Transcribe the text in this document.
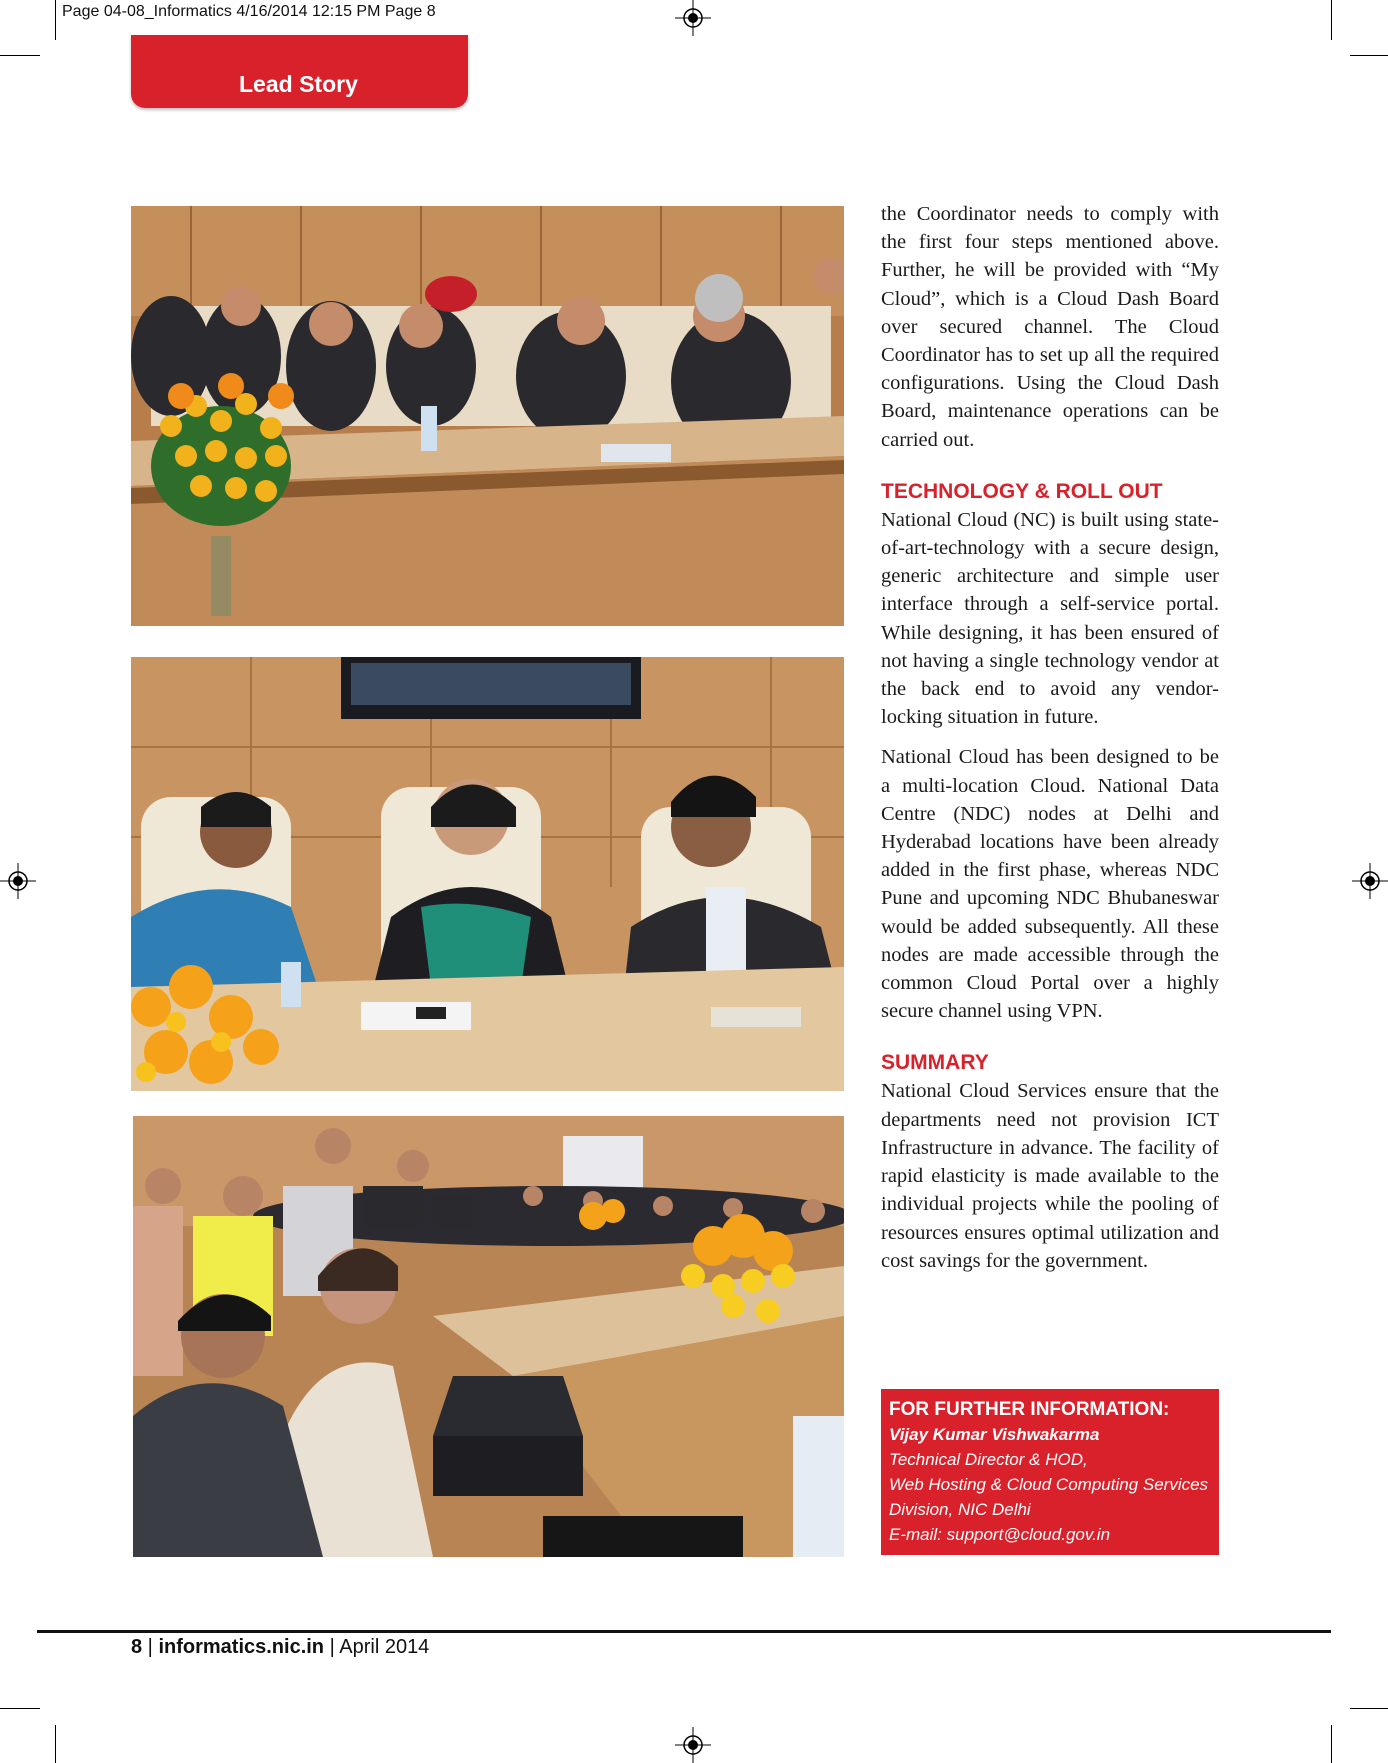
Page 04-08_Informatics 4/16/2014 12:15 PM Page 8
Lead Story

the Coordinator needs to comply with the first four steps mentioned above. Further, he will be provided with “My Cloud”, which is a Cloud Dash Board over secured channel. The Cloud Coordinator has to set up all the required configurations. Using the Cloud Dash Board, maintenance operations can be carried out.

TECHNOLOGY & ROLL OUT

National Cloud (NC) is built using state-of-art-technology with a secure design, generic architecture and simple user interface through a self-service portal. While designing, it has been ensured of not having a single technology vendor at the back end to avoid any vendor-locking situation in future.

National Cloud has been designed to be a multi-location Cloud. National Data Centre (NDC) nodes at Delhi and Hyderabad locations have been already added in the first phase, whereas NDC Pune and upcoming NDC Bhubaneswar would be added subsequently. All these nodes are made accessible through the common Cloud Portal over a highly secure channel using VPN.

SUMMARY

National Cloud Services ensure that the departments need not provision ICT Infrastructure in advance. The facility of rapid elasticity is made available to the individual projects while the pooling of resources ensures optimal utilization and cost savings for the government.

FOR FURTHER INFORMATION:
Vijay Kumar Vishwakarma
Technical Director & HOD,
Web Hosting & Cloud Computing Services
Division, NIC Delhi
E-mail: support@cloud.gov.in
8 | informatics.nic.in | April 2014
